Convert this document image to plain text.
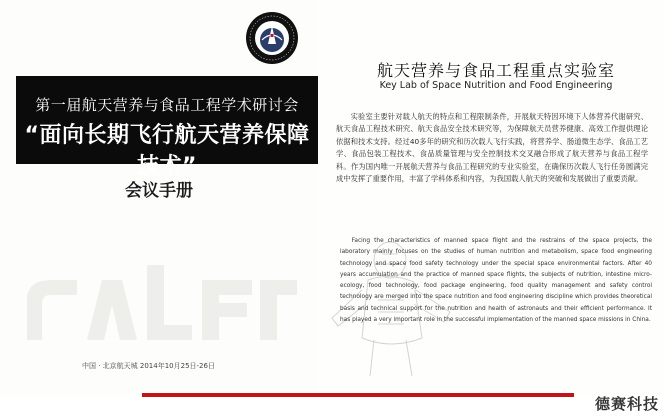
第一届航天营养与食品工程学术研讨会
“面向长期飞行航天营养保障技术”
会议手册
中国 · 北京航天城 2014年10月25日-26日
航天营养与食品工程重点实验室
Key Lab of Space Nutrition and Food Engineering

实验室主要针对载人航天的特点和工程限制条件，开展航天特因环境下人体营养代谢研究、航天食品工程技术研究、航天食品安全技术研究等，为保障航天员营养健康、高效工作提供理论依据和技术支持。经过40多年的研究和历次载人飞行实践，将营养学、肠道微生态学、食品工艺学、食品包装工程技术、食品质量管理与安全控制技术交叉融合形成了航天营养与食品工程学科。作为国内唯一开展航天营养与食品工程研究的专业实验室，在确保历次载人飞行任务圆满完成中发挥了重要作用，丰富了学科体系和内容，为我国载人航天的突破和发展做出了重要贡献。

Facing the characteristics of manned space flight and the restrains of the space projects, the laboratory mainly focuses on the studies of human nutrition and metabolism, space food engineering technology and space food safety technology under the special space environmental factors. After 40 years accumulation and the practice of manned space flights, the subjects of nutrition, intestine micro-ecology, food technology, food package engineering, food quality management and safety control technology are merged into the space nutrition and food engineering discipline which provides theoretical basis and technical support for the nutrition and health of astronauts and their efficient performance. It has played a very important role in the successful implementation of the manned space missions in China.

德赛科技
